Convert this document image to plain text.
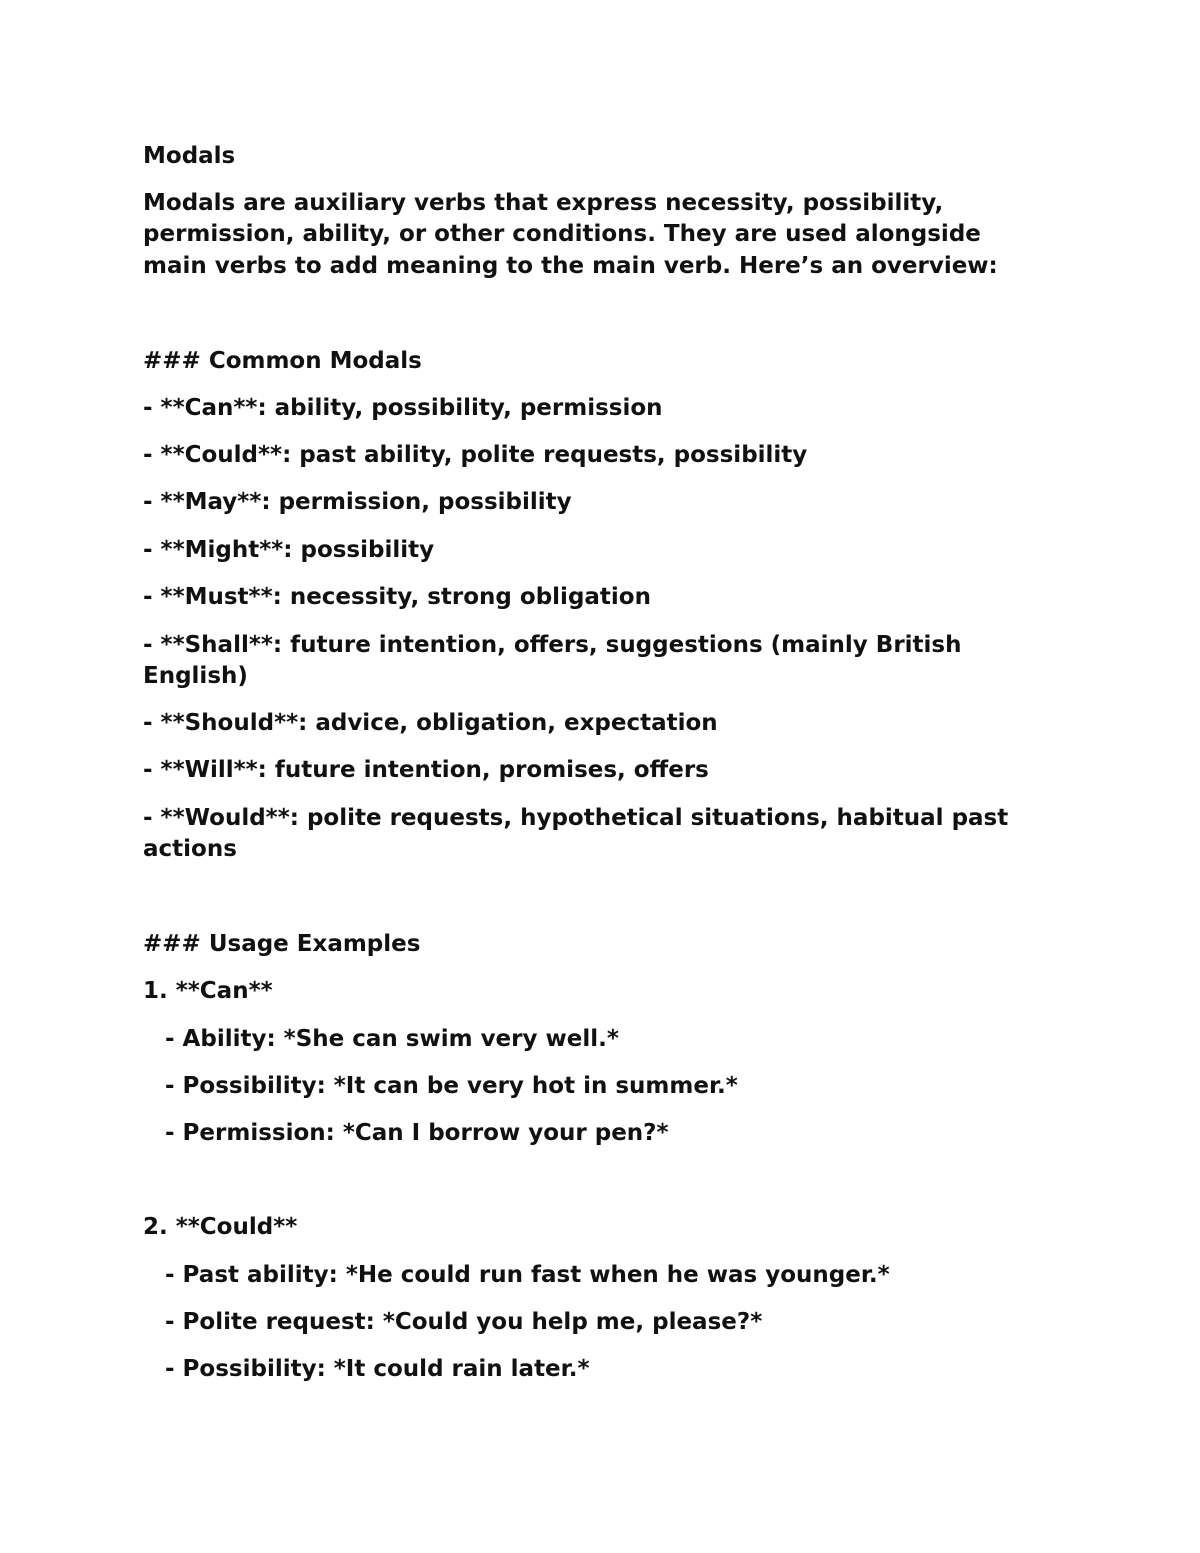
Modals
Modals are auxiliary verbs that express necessity, possibility,
permission, ability, or other conditions. They are used alongside
main verbs to add meaning to the main verb. Here’s an overview:
### Common Modals
- **Can**: ability, possibility, permission
- **Could**: past ability, polite requests, possibility
- **May**: permission, possibility
- **Might**: possibility
- **Must**: necessity, strong obligation
- **Shall**: future intention, offers, suggestions (mainly British
English)
- **Should**: advice, obligation, expectation
- **Will**: future intention, promises, offers
- **Would**: polite requests, hypothetical situations, habitual past
actions
### Usage Examples
1. **Can**
- Ability: *She can swim very well.*
- Possibility: *It can be very hot in summer.*
- Permission: *Can I borrow your pen?*
2. **Could**
- Past ability: *He could run fast when he was younger.*
- Polite request: *Could you help me, please?*
- Possibility: *It could rain later.*
